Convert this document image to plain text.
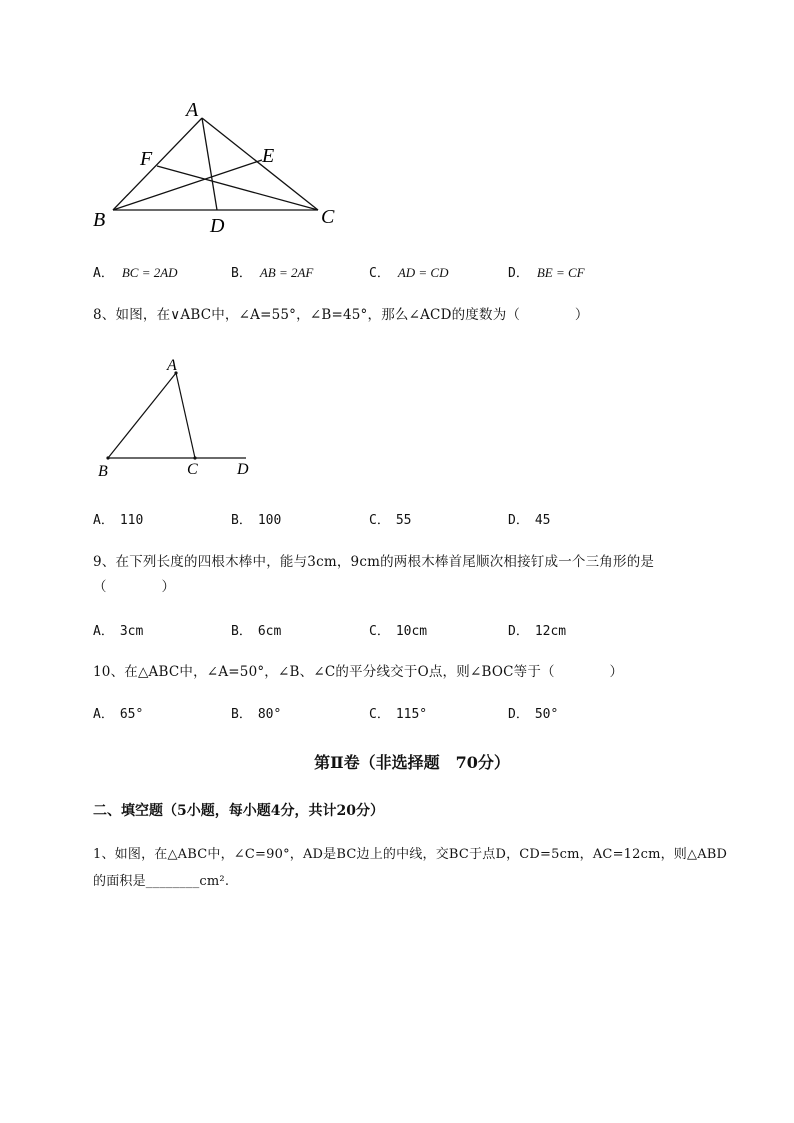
A
F	E
B	D	C
A． BC = 2AD	B． AB = 2AF	C． AD = CD	D． BE = CF
8、如图，在∨ABC中，∠A=55°，∠B=45°，那么∠ACD的度数为（　　　　）
A
B	C D
A． 110	B． 100	C． 55	D． 45
9、在下列长度的四根木棒中，能与3cm，9cm的两根木棒首尾顺次相接钉成一个三角形的是
（　　　　）
A． 3cm	B． 6cm	C． 10cm	D． 12cm
10、在△ABC中，∠A=50°，∠B、∠C的平分线交于O点，则∠BOC等于（　　　　）
A． 65°	B． 80°	C． 115°	D． 50°
第Ⅱ卷（非选择题　70分）
二、填空题（5小题，每小题4分，共计20分）
1、如图，在△ABC中，∠C=90°，AD是BC边上的中线，交BC于点D，CD=5cm，AC=12cm，则△ABD
的面积是________cm².
